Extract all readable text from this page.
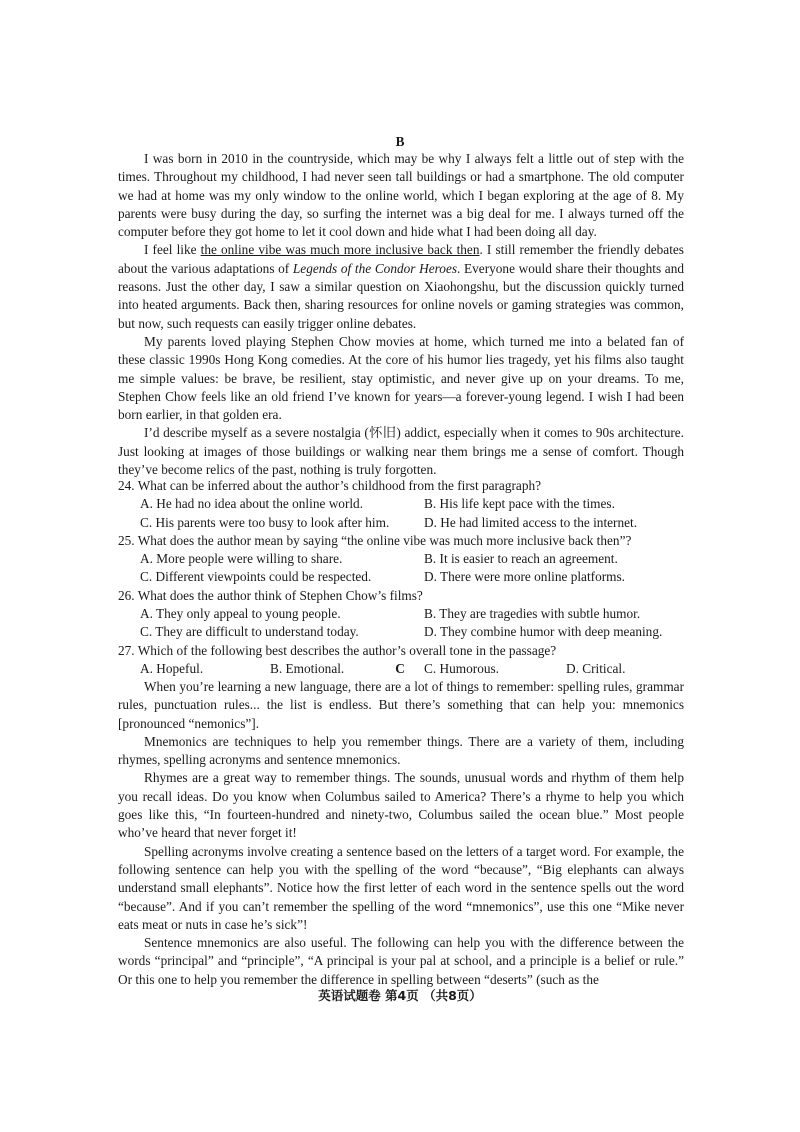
B

I was born in 2010 in the countryside, which may be why I always felt a little out of step with the times. Throughout my childhood, I had never seen tall buildings or had a smartphone. The old computer we had at home was my only window to the online world, which I began exploring at the age of 8. My parents were busy during the day, so surfing the internet was a big deal for me. I always turned off the computer before they got home to let it cool down and hide what I had been doing all day.

I feel like the online vibe was much more inclusive back then. I still remember the friendly debates about the various adaptations of Legends of the Condor Heroes. Everyone would share their thoughts and reasons. Just the other day, I saw a similar question on Xiaohongshu, but the discussion quickly turned into heated arguments. Back then, sharing resources for online novels or gaming strategies was common, but now, such requests can easily trigger online debates.

My parents loved playing Stephen Chow movies at home, which turned me into a belated fan of these classic 1990s Hong Kong comedies. At the core of his humor lies tragedy, yet his films also taught me simple values: be brave, be resilient, stay optimistic, and never give up on your dreams. To me, Stephen Chow feels like an old friend I’ve known for years—a forever-young legend. I wish I had been born earlier, in that golden era.

I’d describe myself as a severe nostalgia (怀旧) addict, especially when it comes to 90s architecture. Just looking at images of those buildings or walking near them brings me a sense of comfort. Though they’ve become relics of the past, nothing is truly forgotten.

24. What can be inferred about the author’s childhood from the first paragraph?
A. He had no idea about the online world.	B. His life kept pace with the times.
C. His parents were too busy to look after him.	D. He had limited access to the internet.
25. What does the author mean by saying “the online vibe was much more inclusive back then”?
A. More people were willing to share.	B. It is easier to reach an agreement.
C. Different viewpoints could be respected.	D. There were more online platforms.
26. What does the author think of Stephen Chow’s films?
A. They only appeal to young people.	B. They are tragedies with subtle humor.
C. They are difficult to understand today.	D. They combine humor with deep meaning.
27. Which of the following best describes the author’s overall tone in the passage?
A. Hopeful.	B. Emotional.	C. Humorous.	D. Critical.
C

When you’re learning a new language, there are a lot of things to remember: spelling rules, grammar rules, punctuation rules... the list is endless. But there’s something that can help you: mnemonics [pronounced “nemonics”].

Mnemonics are techniques to help you remember things. There are a variety of them, including rhymes, spelling acronyms and sentence mnemonics.

Rhymes are a great way to remember things. The sounds, unusual words and rhythm of them help you recall ideas. Do you know when Columbus sailed to America? There’s a rhyme to help you which goes like this, “In fourteen-hundred and ninety-two, Columbus sailed the ocean blue.” Most people who’ve heard that never forget it!

Spelling acronyms involve creating a sentence based on the letters of a target word. For example, the following sentence can help you with the spelling of the word “because”, “Big elephants can always understand small elephants”. Notice how the first letter of each word in the sentence spells out the word “because”. And if you can’t remember the spelling of the word “mnemonics”, use this one “Mike never eats meat or nuts in case he’s sick”!

Sentence mnemonics are also useful. The following can help you with the difference between the words “principal” and “principle”, “A principal is your pal at school, and a principle is a belief or rule.” Or this one to help you remember the difference in spelling between “deserts” (such as the

英语试题卷 第4页 （共8页）
